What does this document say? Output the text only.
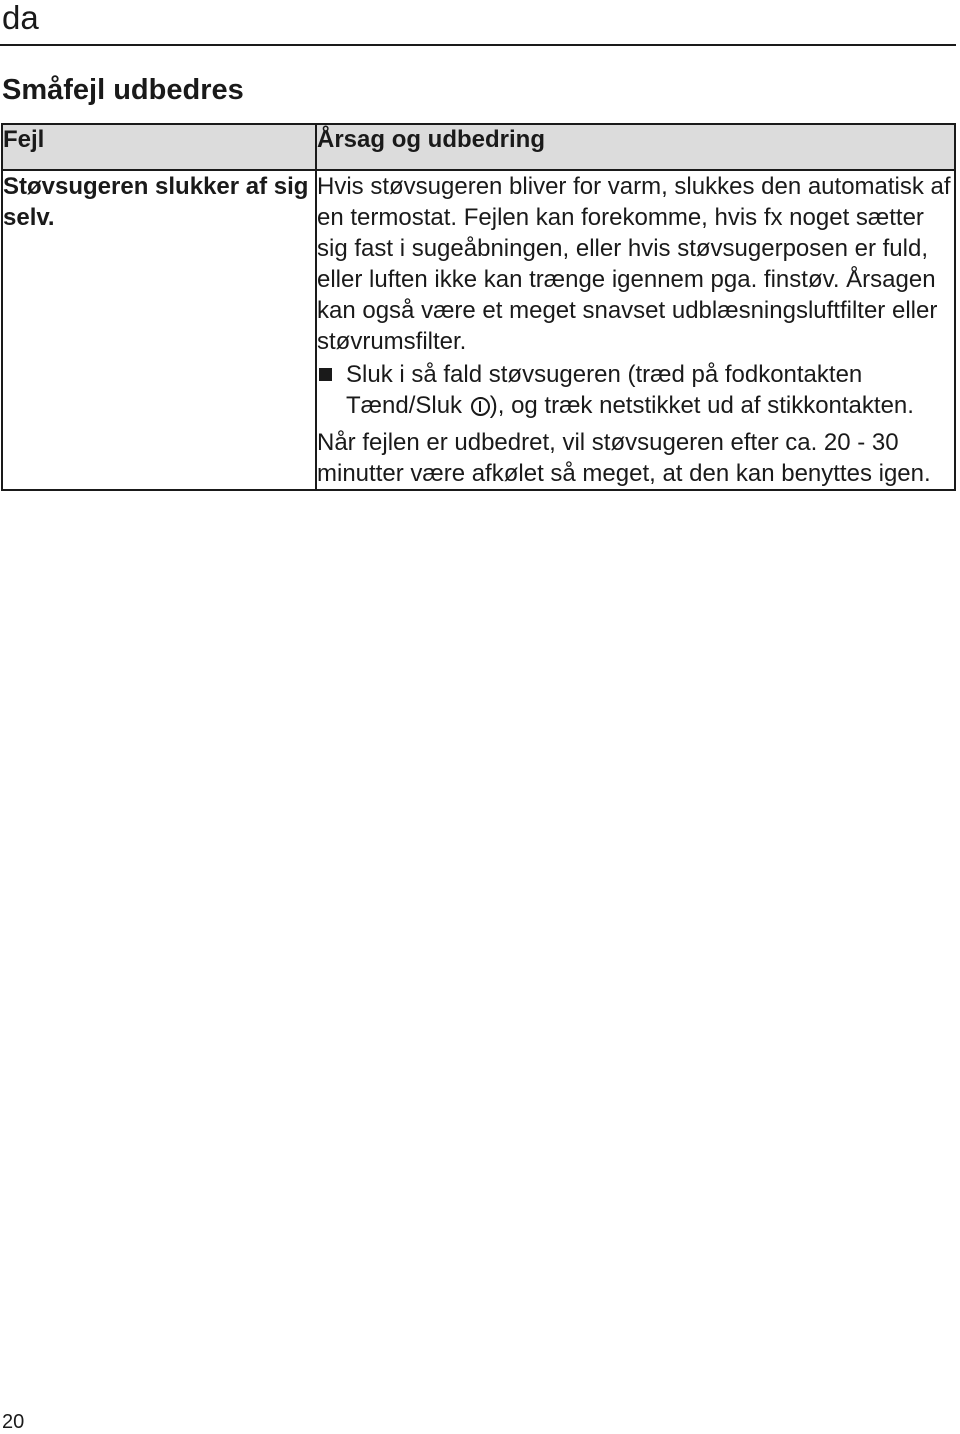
da
Småfejl udbedres
Fejl	Årsag og udbedring
Støvsugeren slukker af sig selv.	Hvis støvsugeren bliver for varm, slukkes den automatisk af en termostat. Fejlen kan forekomme, hvis fx noget sætter sig fast i sugeåbningen, eller hvis støvsugerposen er fuld, eller luften ikke kan trænge igennem pga. finstøv. Årsagen kan også være et meget snavset udblæsningsluftfilter eller støvrumsfilter.

Sluk i så fald støvsugeren (træd på fodkontakten Tænd/Sluk ), og træk netstikket ud af stikkontakten.

Når fejlen er udbedret, vil støvsugeren efter ca. 20 - 30 minutter være afkølet så meget, at den kan benyttes igen.

20
